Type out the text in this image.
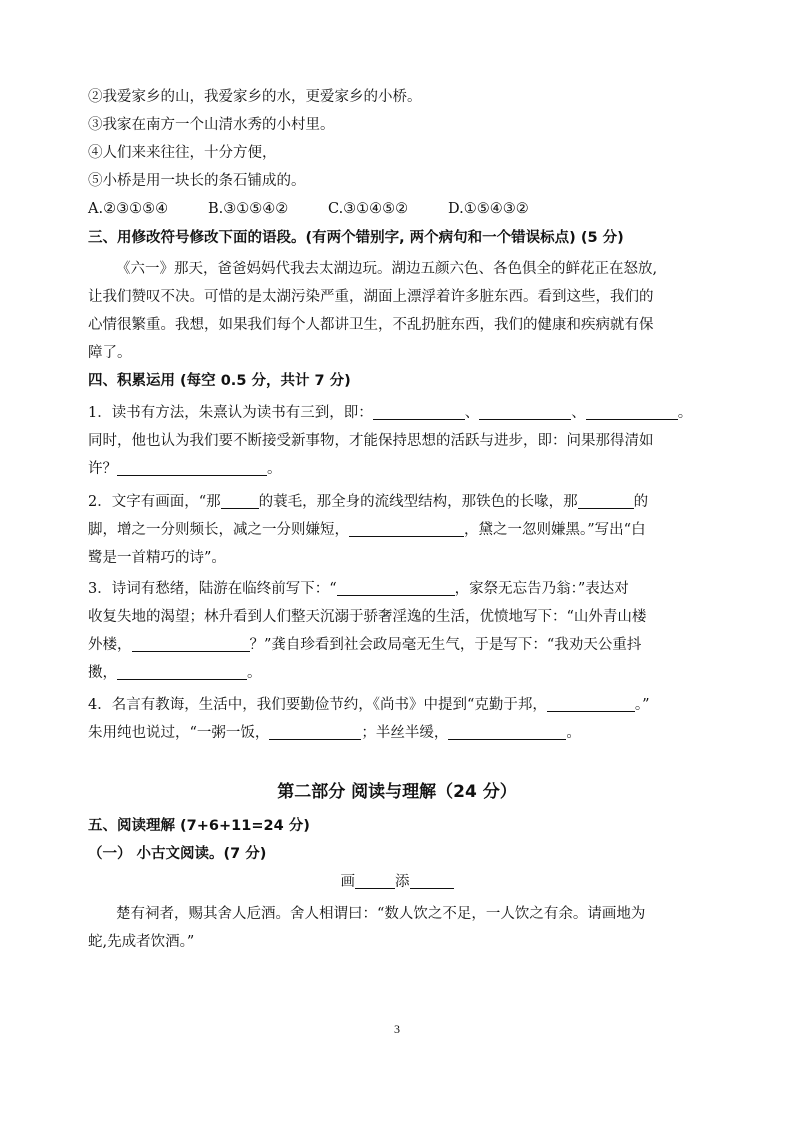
②我爱家乡的山，我爱家乡的水，更爱家乡的小桥。
③我家在南方一个山清水秀的小村里。
④人们来来往往，十分方便，
⑤小桥是用一块长的条石铺成的。
A.②③①⑤④	B.③①⑤④②	C.③①④⑤②	D.①⑤④③②
三、用修改符号修改下面的语段。(有两个错别字, 两个病句和一个错误标点) (5 分)
《六一》那天，爸爸妈妈代我去太湖边玩。湖边五颜六色、各色俱全的鲜花正在怒放,
让我们赞叹不决。可惜的是太湖污染严重，湖面上漂浮着许多脏东西。看到这些，我们的
心情很繁重。我想，如果我们每个人都讲卫生，不乱扔脏东西，我们的健康和疾病就有保
障了。
四、积累运用 (每空 0.5 分，共计 7 分)
1．读书有方法，朱熹认为读书有三到，即：	、	、	。
同时，他也认为我们要不断接受新事物，才能保持思想的活跃与进步，即：问果那得清如
许？	。
2．文字有画面，“那	的蓑毛，那全身的流线型结构，那铁色的长喙，那	的
脚，增之一分则频长，减之一分则嫌短，	，黛之一忽则嫌黑。”写出“白
鹭是一首精巧的诗”。
3．诗词有愁绪，陆游在临终前写下：“	，家祭无忘告乃翁：”表达对
收复失地的渴望；林升看到人们整天沉溺于骄奢淫逸的生活，优愤地写下：“山外青山楼
外楼，	？”龚自珍看到社会政局毫无生气，于是写下：“我劝天公重抖
擞，	。
4．名言有教诲，生活中，我们要勤俭节约，《尚书》中提到“克勤于邦，	。”
朱用纯也说过，“一粥一饭，	；半丝半缓，	。
第二部分 阅读与理解（24 分）
五、阅读理解 (7+6+11=24 分)
（一） 小古文阅读。(7 分)
画	添
楚有祠者，赐其舍人卮酒。舍人相谓曰：“数人饮之不足，一人饮之有余。请画地为
蛇,先成者饮酒。”
3
